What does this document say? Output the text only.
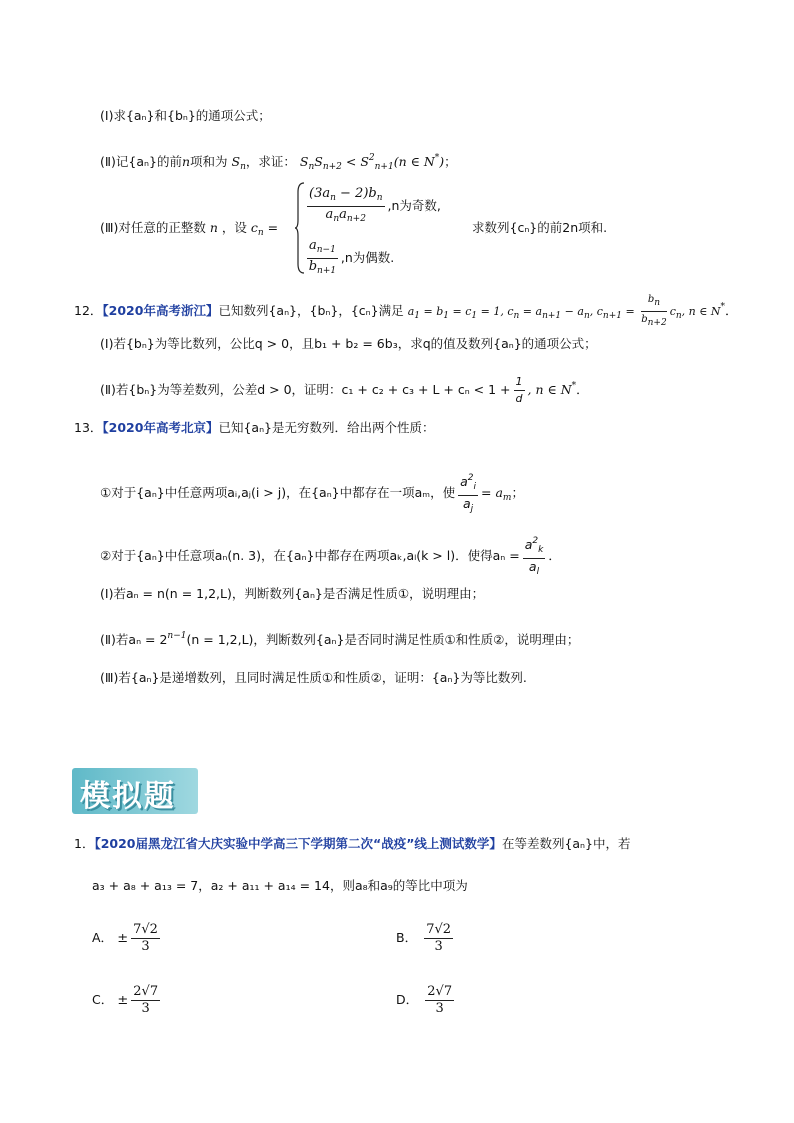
(Ⅰ)求{aₙ}和{bₙ}的通项公式；
(Ⅱ)记{aₙ}的前n项和为 $S_n$，求证： $S_nS_{n+2} < S^2_{n+1}(n$ ∈ N*)；
(Ⅲ)对任意的正整数 n ，设 $c_n$ =
$\frac{(3a_n - 2)b_n}{a_na_{n+2}} ,n$为奇数,
$\frac{a_{n-1}}{b_{n+1}} ,n$为偶数.
求数列{cₙ}的前2n项和.
12．【2020年高考浙江】已知数列{aₙ}，{bₙ}，{cₙ}满足 $a_1 = b_1 = c_1 = 1$, $c_n = a_{n+1} - a_n$, $c_{n+1} = \frac{bn}{bn+2} c_n$, n ∈ N*．
(Ⅰ)若{bₙ}为等比数列，公比q > 0，且b₁ + b₂ = 6b₃，求q的值及数列{aₙ}的通项公式；
(Ⅱ)若{bₙ}为等差数列，公差d > 0，证明：$c_1 + c_2 + c_3 + L + c_n < 1 + \frac{1}{d}$ , n ∈ N*．
13．【2020年高考北京】已知{aₙ}是无穷数列．给出两个性质：
①对于{aₙ}中任意两项aᵢ,aⱼ(i > j)，在{aₙ}中都存在一项aₘ，使 $\frac{a^2_i}{a_j} = a_m$；
②对于{aₙ}中任意项aₙ(n. 3)，在{aₙ}中都存在两项aₖ,aₗ(k > l)．使得$a_n = \frac{a^2_k}{a_l}$ ．
(Ⅰ)若aₙ = n(n = 1,2,L)，判断数列{aₙ}是否满足性质①，说明理由；
(Ⅱ)若$a_n = 2^{n-1}(n = 1,2,L)$，判断数列{aₙ}是否同时满足性质①和性质②，说明理由；
(Ⅲ)若{aₙ}是递增数列，且同时满足性质①和性质②，证明：{aₙ}为等比数列.
模拟题
1．【2020届黑龙江省大庆实验中学高三下学期第二次“战疫”线上测试数学】在等差数列{aₙ}中，若
a₃ + a₈ + a₁₃ = 7，a₂ + a₁₁ + a₁₄ = 14，则a₈和a₉的等比中项为
A． ± $\frac{7√2}{3}$	B． $\frac{7√2}{3}$
C． ± $\frac{2√7}{3}$	D． $\frac{2√7}{3}$
